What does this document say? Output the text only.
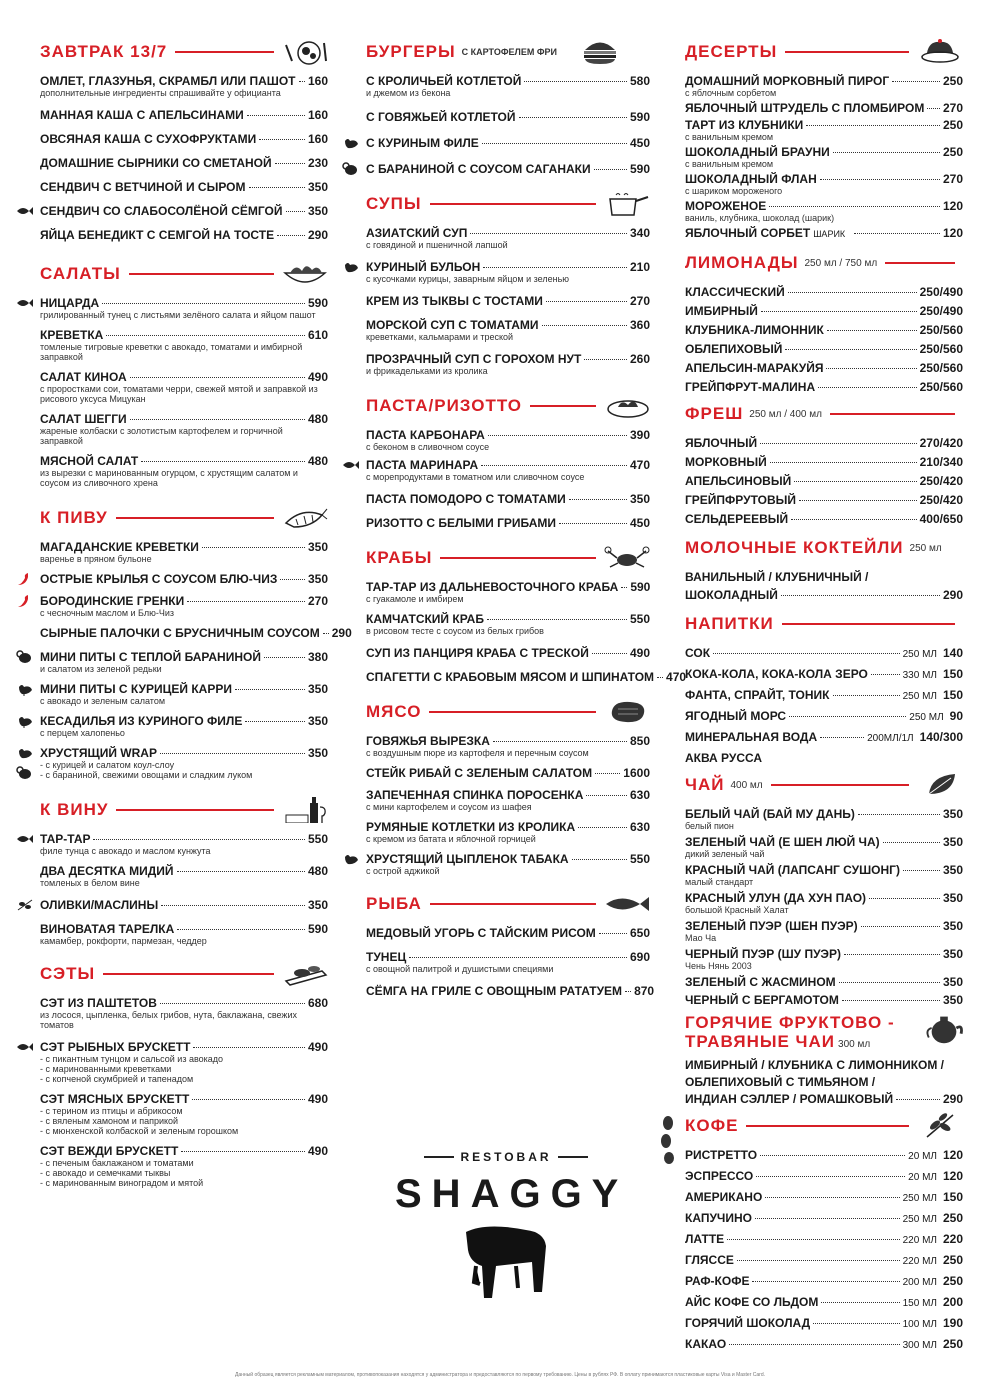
ЗАВТРАК 13/7
ОМЛЕТ, ГЛАЗУНЬЯ, СКРАМБЛ ИЛИ ПАШОТ 160
дополнительные ингредиенты спрашивайте у официанта
МАННАЯ КАША С АПЕЛЬСИНАМИ	160
ОВСЯНАЯ КАША С СУХОФРУКТАМИ	160
ДОМАШНИЕ СЫРНИКИ СО СМЕТАНОЙ	230
СЕНДВИЧ С ВЕТЧИНОЙ И СЫРОМ	350
СЕНДВИЧ СО СЛАБОСОЛЁНОЙ СЁМГОЙ 350
ЯЙЦА БЕНЕДИКТ С СЕМГОЙ НА ТОСТЕ	290
САЛАТЫ
НИЦАРДА	590
грилированный тунец с листьями зелёного салата и яйцом пашот
КРЕВЕТКА	610
томленые тигровые креветки с авокадо, томатами и имбирной заправкой
САЛАТ КИНОА	490
с проростками сои, томатами черри, свежей мятой и заправкой из рисового уксуса Мицукан
САЛАТ ШЕГГИ	480
жареные колбаски с золотистым картофелем и горчичной заправкой
МЯСНОЙ САЛАТ	480
из вырезки с маринованным огурцом, с хрустящим салатом и соусом из сливочного хрена
К ПИВУ
МАГАДАНСКИЕ КРЕВЕТКИ	350
варенье в пряном бульоне
ОСТРЫЕ КРЫЛЬЯ С СОУСОМ БЛЮ-ЧИЗ	350
БОРОДИНСКИЕ ГРЕНКИ	270
с чесночным маслом и Блю-Чиз
СЫРНЫЕ ПАЛОЧКИ С БРУСНИЧНЫМ СОУСОМ 290
МИНИ ПИТЫ С ТЕПЛОЙ БАРАНИНОЙ	380
и салатом из зеленой редьки
МИНИ ПИТЫ С КУРИЦЕЙ КАРРИ	350
с авокадо и зеленым салатом
КЕСАДИЛЬЯ ИЗ КУРИНОГО ФИЛЕ	350
с перцем халопеньо
ХРУСТЯЩИЙ WRAP	350
- с курицей и салатом коул-слоу
- с бараниной, свежими овощами и сладким луком
К ВИНУ
ТАР-ТАР	550
филе тунца с авокадо и маслом кунжута
ДВА ДЕСЯТКА МИДИЙ	480
томленых в белом вине
ОЛИВКИ/МАСЛИНЫ	350
ВИНОВАТАЯ ТАРЕЛКА	590
камамбер, рокфорти, пармезан, чеддер
СЭТЫ
СЭТ ИЗ ПАШТЕТОВ	680
из лосося, цыпленка, белых грибов, нута, баклажана, свежих томатов
СЭТ РЫБНЫХ БРУСКЕТТ	490
- с пикантным тунцом и сальсой из авокадо
- с маринованными креветками
- с копченой скумбрией и тапенадом
СЭТ МЯСНЫХ БРУСКЕТТ	490
- с терином из птицы и абрикосом
- с вяленым хамоном и паприкой
- с мюнхенской колбаской и зеленым горошком
СЭТ ВЕЖДИ БРУСКЕТТ	490
- с печеным баклажаном и томатами
- с авокадо и семечками тыквы
- с маринованным виноградом и мятой
БУРГЕРЫ С КАРТОФЕЛЕМ ФРИ
С КРОЛИЧЬЕЙ КОТЛЕТОЙ	580
и джемом из бекона
С ГОВЯЖЬЕЙ КОТЛЕТОЙ	590
С КУРИНЫМ ФИЛЕ	450
С БАРАНИНОЙ С СОУСОМ САГАНАКИ	590
СУПЫ
АЗИАТСКИЙ СУП	340
с говядиной и пшеничной лапшой
КУРИНЫЙ БУЛЬОН	210
с кусочками курицы, заварным яйцом и зеленью
КРЕМ ИЗ ТЫКВЫ С ТОСТАМИ	270
МОРСКОЙ СУП С ТОМАТАМИ	360
креветками, кальмарами и треской
ПРОЗРАЧНЫЙ СУП С ГОРОХОМ НУТ	260
и фрикадельками из кролика
ПАСТА/РИЗОТТО
ПАСТА КАРБОНАРА	390
с беконом в сливочном соусе
ПАСТА МАРИНАРА	470
с морепродуктами в томатном или сливочном соусе
ПАСТА ПОМОДОРО С ТОМАТАМИ	350
РИЗОТТО С БЕЛЫМИ ГРИБАМИ	450
КРАБЫ
ТАР-ТАР ИЗ ДАЛЬНЕВОСТОЧНОГО КРАБА 590
с гуакамоле и имбирем
КАМЧАТСКИЙ КРАБ	550
в рисовом тесте с соусом из белых грибов
СУП ИЗ ПАНЦИРЯ КРАБА С ТРЕСКОЙ	490
СПАГЕТТИ С КРАБОВЫМ МЯСОМ И ШПИНАТОМ 470
МЯСО
ГОВЯЖЬЯ ВЫРЕЗКА	850
с воздушным пюре из картофеля и перечным соусом
СТЕЙК РИБАЙ С ЗЕЛЕНЫМ САЛАТОМ	1600
ЗАПЕЧЕННАЯ СПИНКА ПОРОСЕНКА	630
с мини картофелем и соусом из шафея
РУМЯНЫЕ КОТЛЕТКИ ИЗ КРОЛИКА	630
с кремом из батата и яблочной горчицей
ХРУСТЯЩИЙ ЦЫПЛЕНОК ТАБАКА	550
с острой аджикой
РЫБА
МЕДОВЫЙ УГОРЬ С ТАЙСКИМ РИСОМ	650
ТУНЕЦ	690
с овощной палитрой и душистыми специями
СЁМГА НА ГРИЛЕ С ОВОЩНЫМ РАТАТУЕМ 870
RESTOBAR
SHAGGY
ДЕСЕРТЫ
ДОМАШНИЙ МОРКОВНЫЙ ПИРОГ	250
с яблочным сорбетом
ЯБЛОЧНЫЙ ШТРУДЕЛЬ С ПЛОМБИРОМ 270
ТАРТ ИЗ КЛУБНИКИ	250
с ванильным кремом
ШОКОЛАДНЫЙ БРАУНИ	250
с ванильным кремом
ШОКОЛАДНЫЙ ФЛАН	270
с шариком мороженого
МОРОЖЕНОЕ	120
ваниль, клубника, шоколад (шарик)
ЯБЛОЧНЫЙ СОРБЕТ ШАРИК	120
ЛИМОНАДЫ 250 мл / 750 мл
КЛАССИЧЕСКИЙ	250/490
ИМБИРНЫЙ	250/490
КЛУБНИКА-ЛИМОННИК	250/560
ОБЛЕПИХОВЫЙ	250/560
АПЕЛЬСИН-МАРАКУЙЯ	250/560
ГРЕЙПФРУТ-МАЛИНА	250/560
ФРЕШ 250 мл / 400 мл
ЯБЛОЧНЫЙ	270/420
МОРКОВНЫЙ	210/340
АПЕЛЬСИНОВЫЙ	250/420
ГРЕЙПФРУТОВЫЙ	250/420
СЕЛЬДЕРЕЕВЫЙ	400/650
МОЛОЧНЫЕ КОКТЕЙЛИ 250 мл
ВАНИЛЬНЫЙ / КЛУБНИЧНЫЙ /
ШОКОЛАДНЫЙ	290
НАПИТКИ
СОК	250 МЛ 140
КОКА-КОЛА, КОКА-КОЛА ЗЕРО	330 МЛ 150
ФАНТА, СПРАЙТ, ТОНИК	250 МЛ 150
ЯГОДНЫЙ МОРС	250 МЛ 90
МИНЕРАЛЬНАЯ ВОДА	200МЛ/1Л 140/300
АКВА РУССА
ЧАЙ 400 мл
БЕЛЫЙ ЧАЙ (БАЙ МУ ДАНЬ)	350
белый пион
ЗЕЛЕНЫЙ ЧАЙ (Е ШЕН ЛЮЙ ЧА)	350
дикий зеленый чай
КРАСНЫЙ ЧАЙ (ЛАПСАНГ СУШОНГ)	350
малый стандарт
КРАСНЫЙ УЛУН (ДА ХУН ПАО)	350
большой Красный Халат
ЗЕЛЕНЫЙ ПУЭР (ШЕН ПУЭР)	350
Мао Ча
ЧЕРНЫЙ ПУЭР (ШУ ПУЭР)	350
Чень Нянь 2003
ЗЕЛЕНЫЙ С ЖАСМИНОМ	350
ЧЕРНЫЙ С БЕРГАМОТОМ	350
ГОРЯЧИЕ ФРУКТОВО -
ТРАВЯНЫЕ ЧАИ 300 мл
ИМБИРНЫЙ / КЛУБНИКА С ЛИМОННИКОМ /
ОБЛЕПИХОВЫЙ С ТИМЬЯНОМ /
ИНДИАН СЭЛЛЕР / РОМАШКОВЫЙ	290
КОФЕ
РИСТРЕТТО	20 МЛ 120
ЭСПРЕССО	20 МЛ 120
АМЕРИКАНО	250 МЛ 150
КАПУЧИНО	250 МЛ 250
ЛАТТЕ	220 МЛ 220
ГЛЯССЕ	220 МЛ 250
РАФ-КОФЕ	200 МЛ 250
АЙС КОФЕ СО ЛЬДОМ	150 МЛ 200
ГОРЯЧИЙ ШОКОЛАД	100 МЛ 190
КАКАО	300 МЛ 250
Данный образец является рекламным материалом, противопоказания находятся у администратора и предоставляются по первому требованию. Цены в рублях РФ. В оплату принимаются пластиковые карты Visa и Master Card.
